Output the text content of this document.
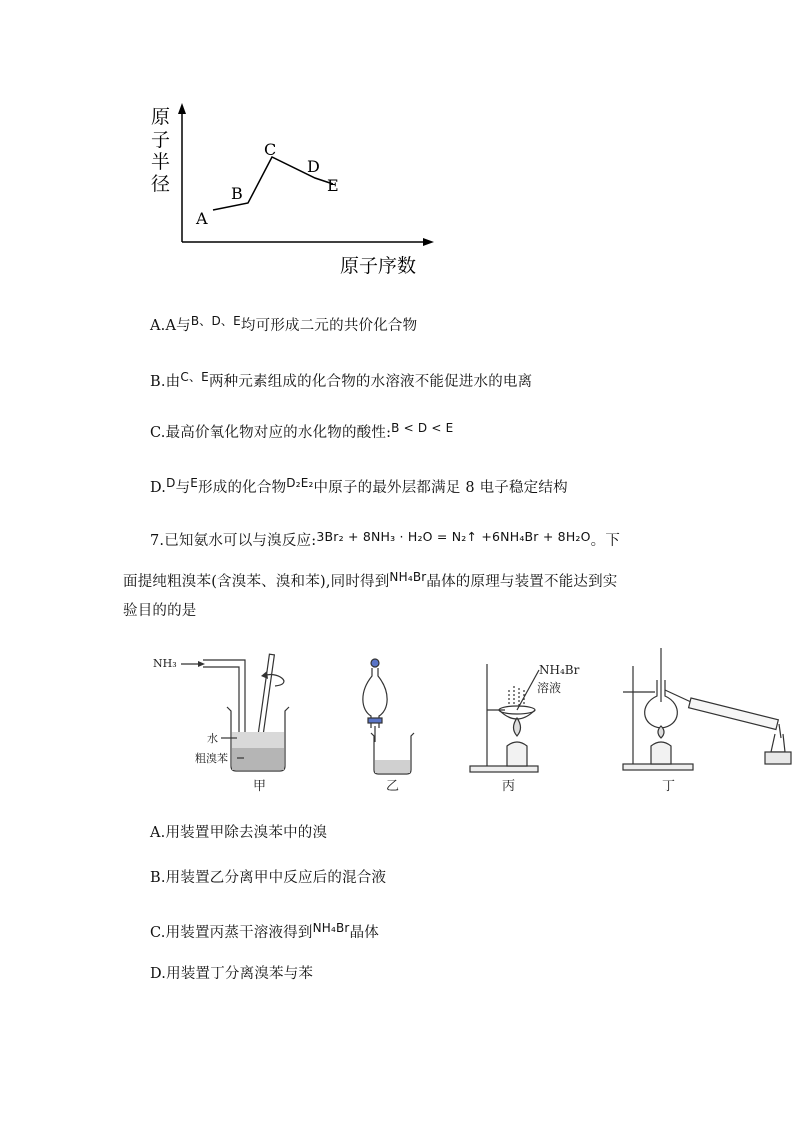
原
子
半
径
A
B
C
D
E
原子序数
A.A与$^{B、D、E}$均可形成二元的共价化合物
B.由$^{C、E}$两种元素组成的化合物的水溶液不能促进水的电离
C.最高价氧化物对应的水化物的酸性:$^{B < D < E}$
D.$^D$与$^E$形成的化合物$^{D_2E_2}$中原子的最外层都满足 8 电子稳定结构
7.已知氨水可以与溴反应:3Br₂ + 8NH₃ · H₂O = N₂↑ +6NH₄Br + 8H₂O。下
面提纯粗溴苯(含溴苯、溴和苯),同时得到$^{NH_4Br}$晶体的原理与装置不能达到实
验目的的是
NH₃
水
粗溴苯
甲	乙
NH₄Br
溶液
丙	丁
A.用装置甲除去溴苯中的溴
B.用装置乙分离甲中反应后的混合液
C.用装置丙蒸干溶液得到$^{NH_4Br}$晶体
D.用装置丁分离溴苯与苯
